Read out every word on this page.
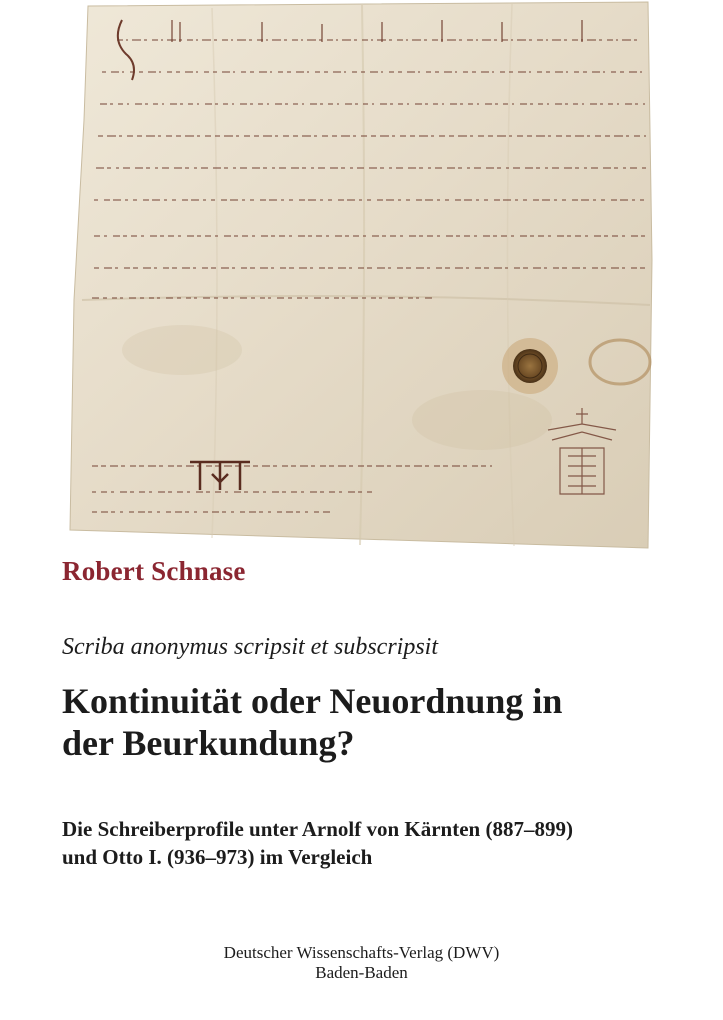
Robert Schnase

Scriba anonymus scripsit et subscripsit

Kontinuität oder Neuordnung in
der Beurkundung?

Die Schreiberprofile unter Arnolf von Kärnten (887–899)
und Otto I. (936–973) im Vergleich

Deutscher Wissenschafts-Verlag (DWV)
Baden-Baden
